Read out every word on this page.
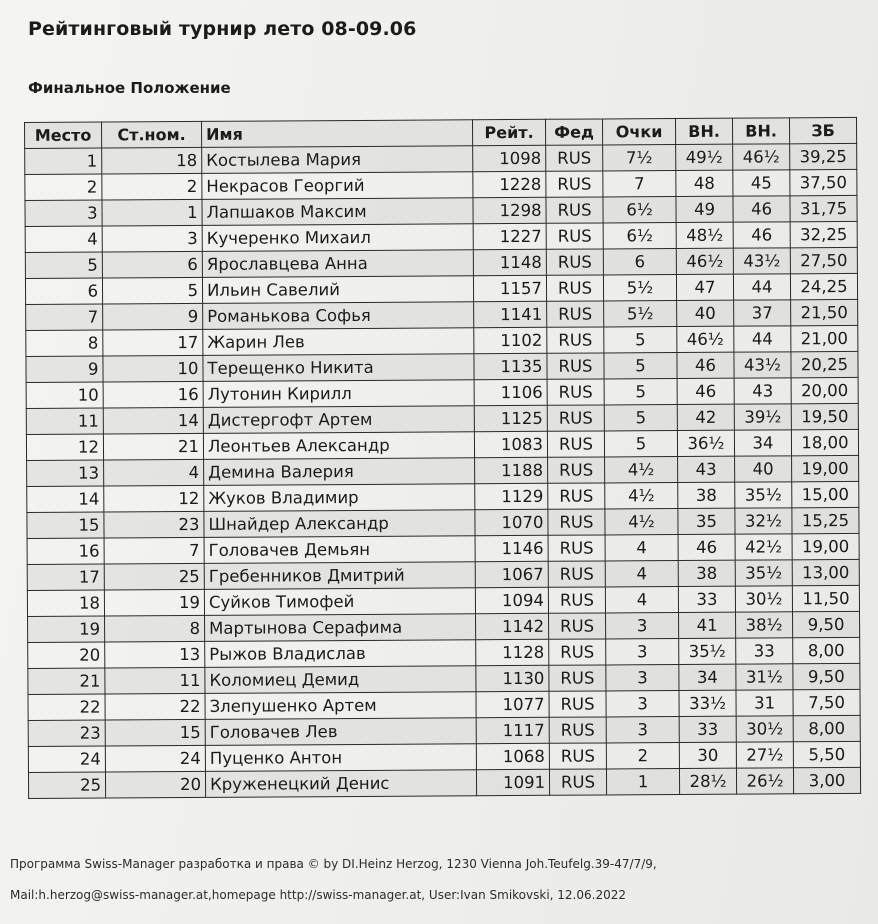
Рейтинговый турнир лето 08-09.06
Финальное Положение
Место	Ст.ном.	Имя	Рейт.	Фед	Очки	ВН.	ВН.	ЗБ
1	18	Костылева Мария	1098	RUS	7½	49½	46½	39,25
2	2	Некрасов Георгий	1228	RUS	7	48	45	37,50
3	1	Лапшаков Максим	1298	RUS	6½	49	46	31,75
4	3	Кучеренко Михаил	1227	RUS	6½	48½	46	32,25
5	6	Ярославцева Анна	1148	RUS	6	46½	43½	27,50
6	5	Ильин Савелий	1157	RUS	5½	47	44	24,25
7	9	Романькова Софья	1141	RUS	5½	40	37	21,50
8	17	Жарин Лев	1102	RUS	5	46½	44	21,00
9	10	Терещенко Никита	1135	RUS	5	46	43½	20,25
10	16	Лутонин Кирилл	1106	RUS	5	46	43	20,00
11	14	Дистергофт Артем	1125	RUS	5	42	39½	19,50
12	21	Леонтьев Александр	1083	RUS	5	36½	34	18,00
13	4	Демина Валерия	1188	RUS	4½	43	40	19,00
14	12	Жуков Владимир	1129	RUS	4½	38	35½	15,00
15	23	Шнайдер Александр	1070	RUS	4½	35	32½	15,25
16	7	Головачев Демьян	1146	RUS	4	46	42½	19,00
17	25	Гребенников Дмитрий	1067	RUS	4	38	35½	13,00
18	19	Суйков Тимофей	1094	RUS	4	33	30½	11,50
19	8	Мартынова Серафима	1142	RUS	3	41	38½	9,50
20	13	Рыжов Владислав	1128	RUS	3	35½	33	8,00
21	11	Коломиец Демид	1130	RUS	3	34	31½	9,50
22	22	Злепушенко Артем	1077	RUS	3	33½	31	7,50
23	15	Головачев Лев	1117	RUS	3	33	30½	8,00
24	24	Пуценко Антон	1068	RUS	2	30	27½	5,50
25	20	Круженецкий Денис	1091	RUS	1	28½	26½	3,00
Программа Swiss-Manager разработка и права © by DI.Heinz Herzog, 1230 Vienna Joh.Teufelg.39-47/7/9,
Mail:h.herzog@swiss-manager.at,homepage http://swiss-manager.at, User:Ivan Smikovski, 12.06.2022
